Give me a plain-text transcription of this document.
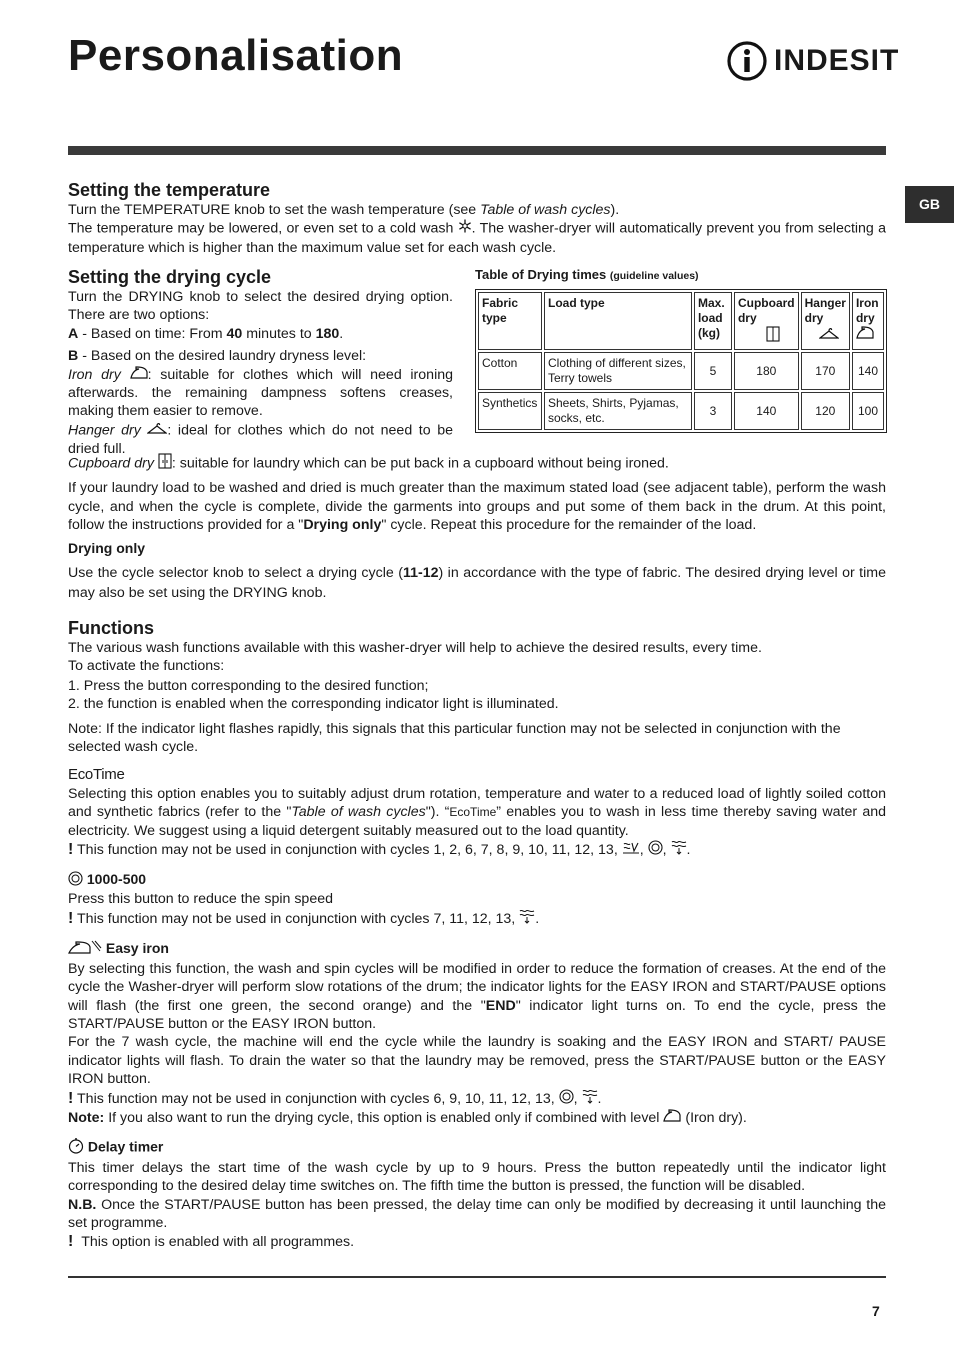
Personalisation	INDESIT
GB
Setting the temperature

Turn the TEMPERATURE knob to set the wash temperature (see Table of wash cycles).

The temperature may be lowered, or even set to a cold wash . The washer-dryer will automatically prevent you from selecting a temperature which is higher than the maximum value set for each wash cycle.

Setting the drying cycle

Turn the DRYING knob to select the desired drying option. There are two options:

A - Based on time: From 40 minutes to 180.

B - Based on the desired laundry dryness level:

Iron dry : suitable for clothes which will need ironing afterwards. the remaining dampness softens creases, making them easier to remove.

Hanger dry : ideal for clothes which do not need to be dried full.

Cupboard dry : suitable for laundry which can be put back in a cupboard without being ironed.

If your laundry load to be washed and dried is much greater than the maximum stated load (see adjacent table), perform the wash cycle, and when the cycle is complete, divide the garments into groups and put some of them back in the drum. At this point, follow the instructions provided for a "Drying only" cycle. Repeat this procedure for the remainder of the load.

Drying only

Use the cycle selector knob to select a drying cycle (11-12) in accordance with the type of fabric. The desired drying level or time may also be set using the DRYING knob.

Table of Drying times (guideline values)
Fabric type	Load type	Max. load (kg)	Cupboard dry	Hanger dry	Iron dry

Cotton	Clothing of different sizes, Terry towels	5	180	170	140
Synthetics	Sheets, Shirts, Pyjamas, socks, etc.	3	140	120	100
Functions

The various wash functions available with this washer-dryer will help to achieve the desired results, every time.

To activate the functions:

1. Press the button corresponding to the desired function;

2. the function is enabled when the corresponding indicator light is illuminated.

Note: If the indicator light flashes rapidly, this signals that this particular function may not be selected in conjunction with the selected wash cycle.

EcoTime

Selecting this option enables you to suitably adjust drum rotation, temperature and water to a reduced load of lightly soiled cotton and synthetic fabrics (refer to the "Table of wash cycles"). “EcoTime” enables you to wash in less time thereby saving water and electricity. We suggest using a liquid detergent suitably measured out to the load quantity.

! This function may not be used in conjunction with cycles 1, 2, 6, 7, 8, 9, 10, 11, 12, 13, , , .

1000-500

Press this button to reduce the spin speed

! This function may not be used in conjunction with cycles 7, 11, 12, 13, .

Easy iron

By selecting this function, the wash and spin cycles will be modified in order to reduce the formation of creases. At the end of the cycle the Washer-dryer will perform slow rotations of the drum; the indicator lights for the EASY IRON and START/PAUSE options will flash (the first one green, the second orange) and the "END" indicator light turns on. To end the cycle, press the START/PAUSE button or the EASY IRON button.

For the 7 wash cycle, the machine will end the cycle while the laundry is soaking and the EASY IRON and START/ PAUSE indicator lights will flash. To drain the water so that the laundry may be removed, press the START/PAUSE button or the EASY IRON button.

! This function may not be used in conjunction with cycles 6, 9, 10, 11, 12, 13, , .

Note: If you also want to run the drying cycle, this option is enabled only if combined with level  (Iron dry).

Delay timer

This timer delays the start time of the wash cycle by up to 9 hours. Press the button repeatedly until the indicator light corresponding to the desired delay time switches on. The fifth time the button is pressed, the function will be disabled.

N.B. Once the START/PAUSE button has been pressed, the delay time can only be modified by decreasing it until launching the set programme.

! This option is enabled with all programmes.

7
